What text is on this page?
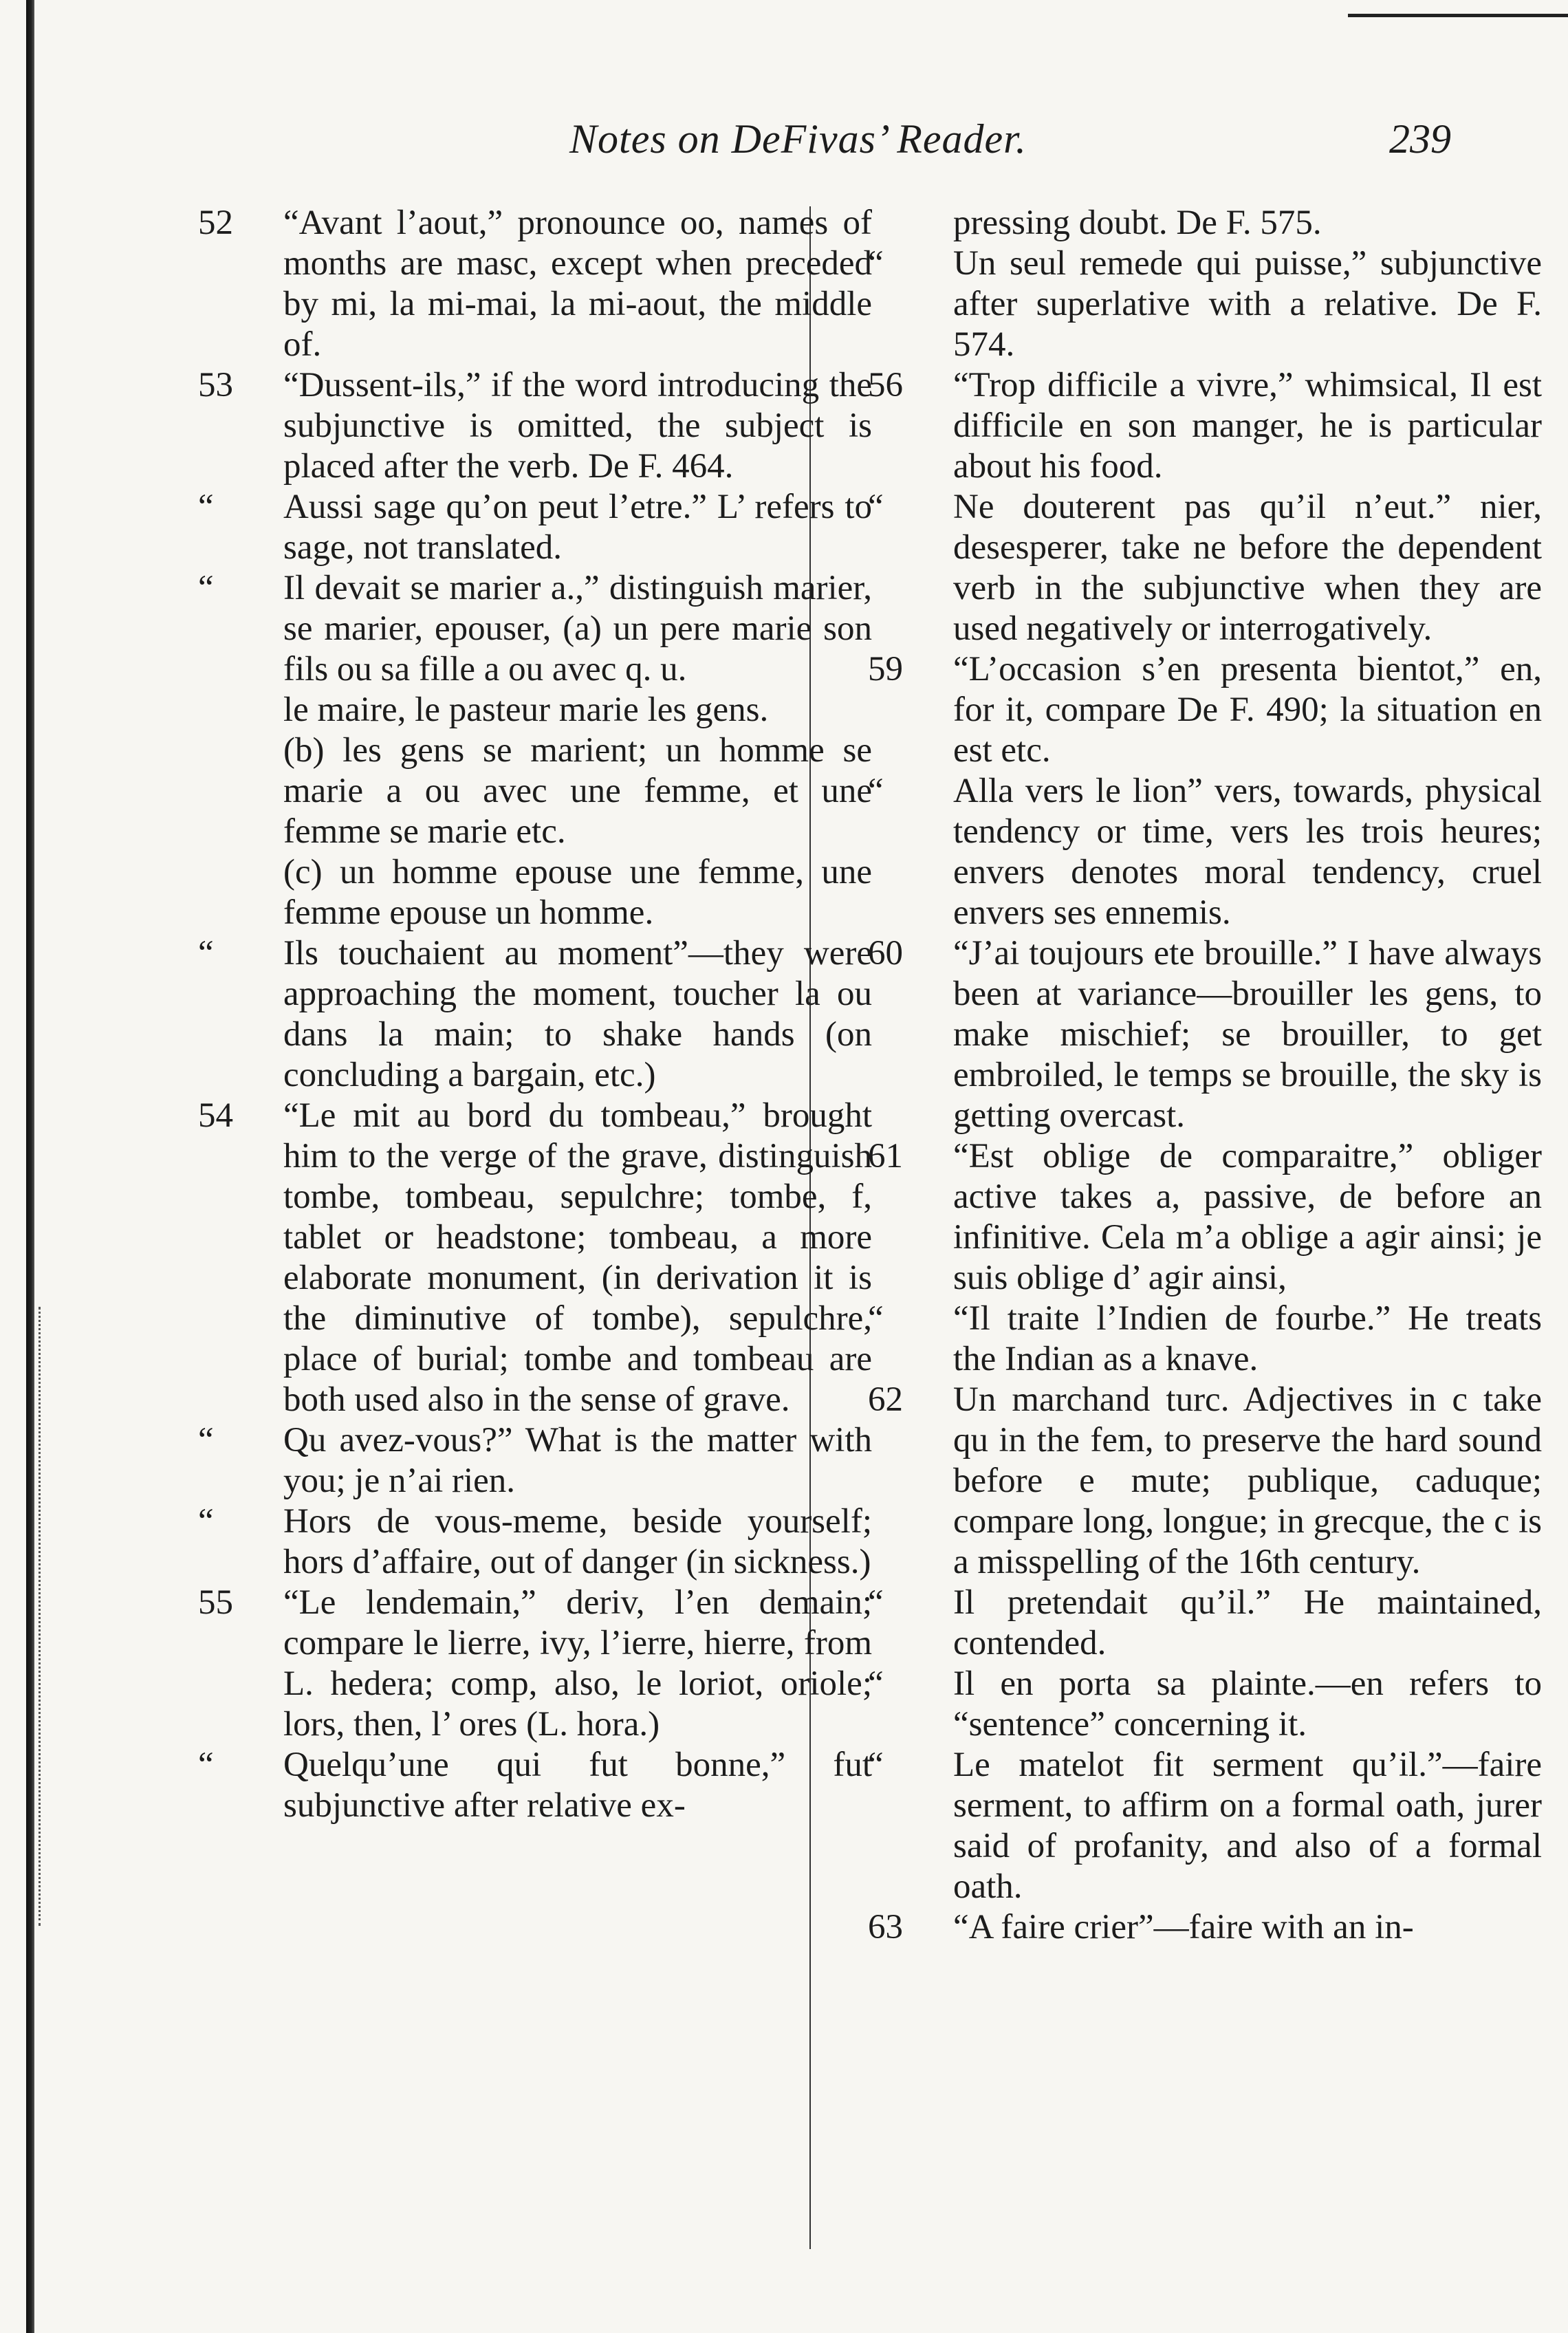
Notes on DeFivas’ Reader.	239

52 “Avant l’aout,” pronounce oo, names of months are masc, except when preceded by mi, la mi-mai, la mi-aout, the middle of.

53 “Dussent-ils,” if the word introducing the subjunctive is omitted, the subject is placed after the verb. De F. 464.

“ Aussi sage qu’on peut l’etre.” L’ refers to sage, not translated.

“ Il devait se marier a.,” distinguish marier, se marier, epouser, (a) un pere marie son fils ou sa fille a ou avec q. u.

le maire, le pasteur marie les gens.

(b) les gens se marient; un homme se marie a ou avec une femme, et une femme se marie etc.

(c) un homme epouse une femme, une femme epouse un homme.

“ Ils touchaient au moment”—they were approaching the moment, toucher la ou dans la main; to shake hands (on concluding a bargain, etc.)

54 “Le mit au bord du tombeau,” brought him to the verge of the grave, distinguish tombe, tombeau, sepulchre; tombe, f, tablet or headstone; tombeau, a more elaborate monument, (in derivation it is the diminutive of tombe), sepulchre, place of burial; tombe and tombeau are both used also in the sense of grave.

“ Qu avez-vous?” What is the matter with you; je n’ai rien.

“ Hors de vous-meme, beside yourself; hors d’affaire, out of danger (in sickness.)

55 “Le lendemain,” deriv, l’en demain; compare le lierre, ivy, l’ierre, hierre, from L. hedera; comp, also, le loriot, oriole; lors, then, l’ ores (L. hora.)

“ Quelqu’une qui fut bonne,” fut subjunctive after relative ex-

pressing doubt. De F. 575.

“ Un seul remede qui puisse,” subjunctive after superlative with a relative. De F. 574.

56 “Trop difficile a vivre,” whimsical, Il est difficile en son manger, he is particular about his food.

“ Ne douterent pas qu’il n’eut.” nier, desesperer, take ne before the dependent verb in the subjunctive when they are used negatively or interrogatively.

59 “L’occasion s’en presenta bientot,” en, for it, compare De F. 490; la situation en est etc.

“ Alla vers le lion” vers, towards, physical tendency or time, vers les trois heures; envers denotes moral tendency, cruel envers ses ennemis.

60 “J’ai toujours ete brouille.” I have always been at variance—brouiller les gens, to make mischief; se brouiller, to get embroiled, le temps se brouille, the sky is getting overcast.

61 “Est oblige de comparaitre,” obliger active takes a, passive, de before an infinitive. Cela m’a oblige a agir ainsi; je suis oblige d’ agir ainsi,

“ “Il traite l’Indien de fourbe.” He treats the Indian as a knave.

62 Un marchand turc. Adjectives in c take qu in the fem, to preserve the hard sound before e mute; publique, caduque; compare long, longue; in grecque, the c is a misspelling of the 16th century.

“ Il pretendait qu’il.” He maintained, contended.

“ Il en porta sa plainte.—en refers to “sentence” concerning it.

“ Le matelot fit serment qu’il.”—faire serment, to affirm on a formal oath, jurer said of profanity, and also of a formal oath.

63 “A faire crier”—faire with an in-
